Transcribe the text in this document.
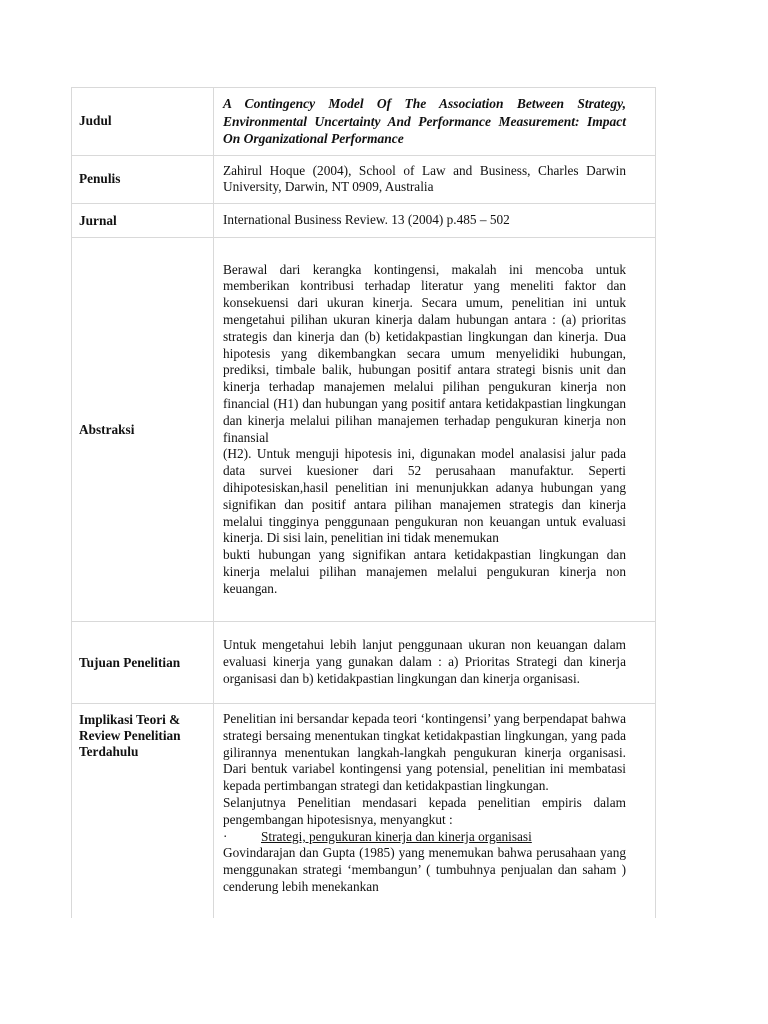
Judul	A Contingency Model Of The Association Between Strategy, Environmental Uncertainty And Performance Measurement: Impact On Organizational Performance

Penulis	Zahirul Hoque (2004), School of Law and Business, Charles Darwin University, Darwin, NT 0909, Australia
Jurnal	International Business Review. 13 (2004) p.485 – 502
Abstraksi	Berawal dari kerangka kontingensi, makalah ini mencoba untuk memberikan kontribusi terhadap literatur yang meneliti faktor dan konsekuensi dari ukuran kinerja. Secara umum, penelitian ini untuk mengetahui pilihan ukuran kinerja dalam hubungan antara : (a) prioritas strategis dan kinerja dan (b) ketidakpastian lingkungan dan kinerja. Dua hipotesis yang dikembangkan secara umum menyelidiki hubungan, prediksi, timbale balik, hubungan positif antara strategi bisnis unit dan kinerja terhadap manajemen melalui pilihan pengukuran kinerja non financial (H1) dan hubungan yang positif antara ketidakpastian lingkungan dan kinerja melalui pilihan manajemen terhadap pengukuran kinerja non finansial

(H2). Untuk menguji hipotesis ini, digunakan model analasisi jalur pada data survei kuesioner dari 52 perusahaan manufaktur. Seperti dihipotesiskan,hasil penelitian ini menunjukkan adanya hubungan yang signifikan dan positif antara pilihan manajemen strategis dan kinerja melalui tingginya penggunaan pengukuran non keuangan untuk evaluasi kinerja. Di sisi lain, penelitian ini tidak menemukan

bukti hubungan yang signifikan antara ketidakpastian lingkungan dan kinerja melalui pilihan manajemen melalui pengukuran kinerja non keuangan.

Tujuan Penelitian	Untuk mengetahui lebih lanjut penggunaan ukuran non keuangan dalam evaluasi kinerja yang gunakan dalam : a) Prioritas Strategi dan kinerja organisasi dan b) ketidakpastian lingkungan dan kinerja organisasi.
Implikasi Teori & Review Penelitian Terdahulu	Penelitian ini bersandar kepada teori ‘kontingensi’ yang berpendapat bahwa strategi bersaing menentukan tingkat ketidakpastian lingkungan, yang pada gilirannya menentukan langkah-langkah pengukuran kinerja organisasi. Dari bentuk variabel kontingensi yang potensial, penelitian ini membatasi kepada pertimbangan strategi dan ketidakpastian lingkungan.

Selanjutnya Penelitian mendasari kepada penelitian empiris dalam pengembangan hipotesisnya, menyangkut :

· Strategi, pengukuran kinerja dan kinerja organisasi

Govindarajan dan Gupta (1985) yang menemukan bahwa perusahaan yang menggunakan strategi ‘membangun’ ( tumbuhnya penjualan dan saham ) cenderung lebih menekankan
